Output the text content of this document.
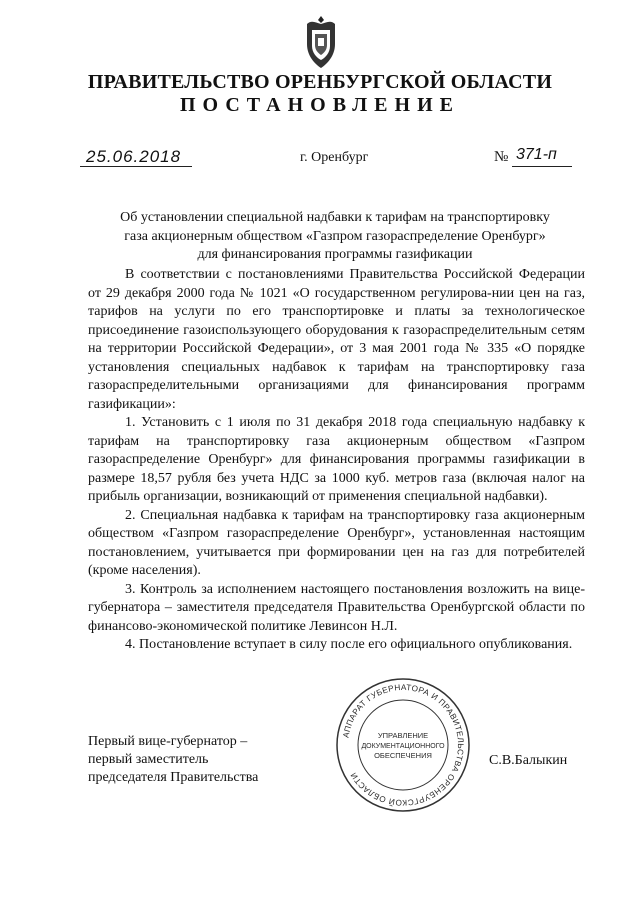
ПРАВИТЕЛЬСТВО ОРЕНБУРГСКОЙ ОБЛАСТИ
ПОСТАНОВЛЕНИЕ
25.06.2018	г. Оренбург	№ 371-п
Об установлении специальной надбавки к тарифам на транспортировку
газа акционерным обществом «Газпром газораспределение Оренбург»
для финансирования программы газификации

В соответствии с постановлениями Правительства Российской Федерации от 29 декабря 2000 года № 1021 «О государственном регулирова-нии цен на газ, тарифов на услуги по его транспортировке и платы за технологическое присоединение газоиспользующего оборудования к газораспределительным сетям на территории Российской Федерации», от 3 мая 2001 года № 335 «О порядке установления специальных надбавок к тарифам на транспортировку газа газораспределительными организациями для финансирования программ газификации»:

1. Установить с 1 июля по 31 декабря 2018 года специальную надбавку к тарифам на транспортировку газа акционерным обществом «Газпром газораспределение Оренбург» для финансирования программы газификации в размере 18,57 рубля без учета НДС за 1000 куб. метров газа (включая налог на прибыль организации, возникающий от применения специальной надбавки).

2. Специальная надбавка к тарифам на транспортировку газа акционерным обществом «Газпром газораспределение Оренбург», установленная настоящим постановлением, учитывается при формировании цен на газ для потребителей (кроме населения).

3. Контроль за исполнением настоящего постановления возложить на вице-губернатора – заместителя председателя Правительства Оренбургской области по финансово-экономической политике Левинсон Н.Л.

4. Постановление вступает в силу после его официального опубликования.

Первый вице-губернатор –
первый заместитель
председателя Правительства
С.В.Балыкин
АППАРАТ ГУБЕРНАТОРА И ПРАВИТЕЛЬСТВА ОРЕНБУРГСКОЙ ОБЛАСТИ
УПРАВЛЕНИЕ
ДОКУМЕНТАЦИОННОГО
ОБЕСПЕЧЕНИЯ
